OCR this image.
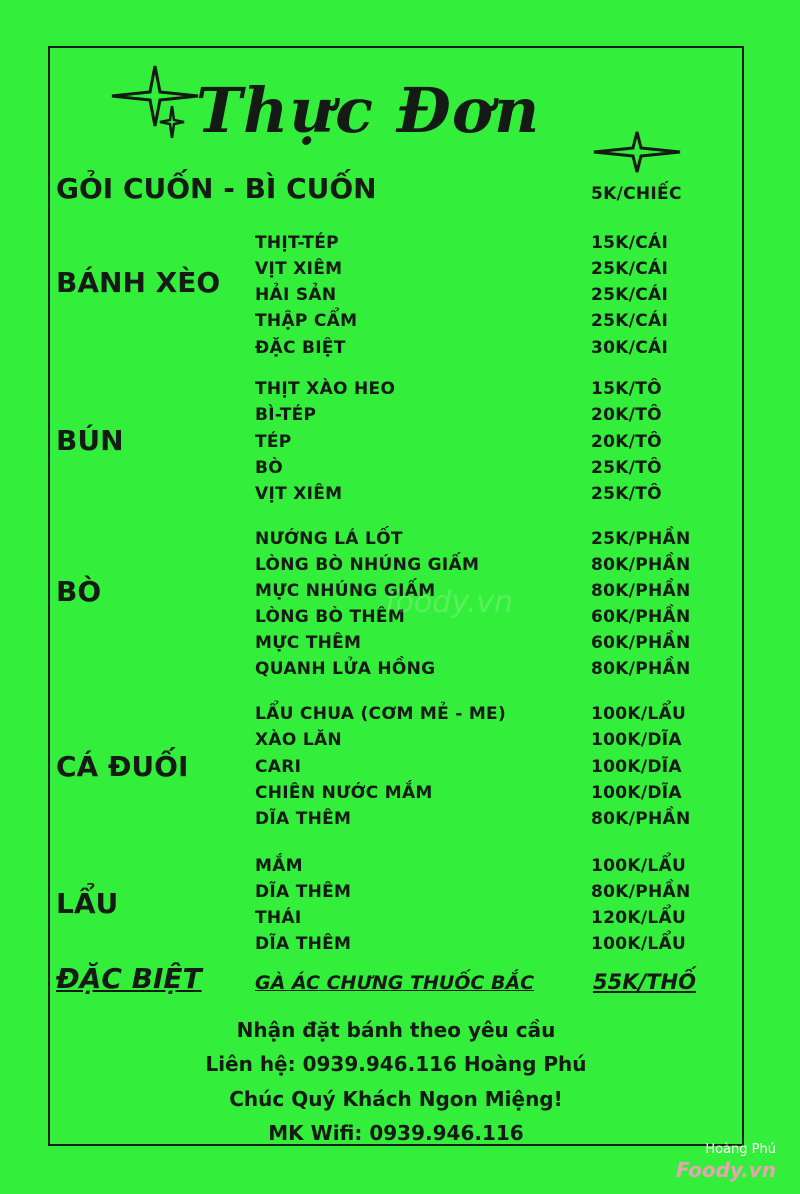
Thực Đơn
GỎI CUỐN - BÌ CUỐN	5K/CHIẾC
BÁNH XÈO
THỊT-TÉP	15K/CÁI
VỊT XIÊM	25K/CÁI
HẢI SẢN	25K/CÁI
THẬP CẨM	25K/CÁI
ĐẶC BIỆT	30K/CÁI
BÚN
THỊT XÀO HEO	15K/TÔ
BÌ-TÉP	20K/TÔ
TÉP	20K/TÔ
BÒ	25K/TÔ
VỊT XIÊM	25K/TÔ
BÒ
NƯỚNG LÁ LỐT	25K/PHẦN
LÒNG BÒ NHÚNG GIẤM	80K/PHẦN
MỰC NHÚNG GIẤM	80K/PHẦN
LÒNG BÒ THÊM	60K/PHẦN
MỰC THÊM	60K/PHẦN
QUANH LỬA HỒNG	80K/PHẦN
CÁ ĐUỐI
LẨU CHUA (CƠM MẺ - ME)	100K/LẨU
XÀO LĂN	100K/DĨA
CARI	100K/DĨA
CHIÊN NƯỚC MẮM	100K/DĨA
DĨA THÊM	80K/PHẦN
LẨU
MẮM	100K/LẨU
DĨA THÊM	80K/PHẦN
THÁI	120K/LẨU
DĨA THÊM	100K/LẨU
ĐẶC BIỆT	GÀ ÁC CHƯNG THUỐC BẮC	55K/THỐ
Nhận đặt bánh theo yêu cầu
Liên hệ: 0939.946.116 Hoàng Phú
Chúc Quý Khách Ngon Miệng!
MK Wifi: 0939.946.116
foody.vn
Hoàng Phú
Foody.vn
